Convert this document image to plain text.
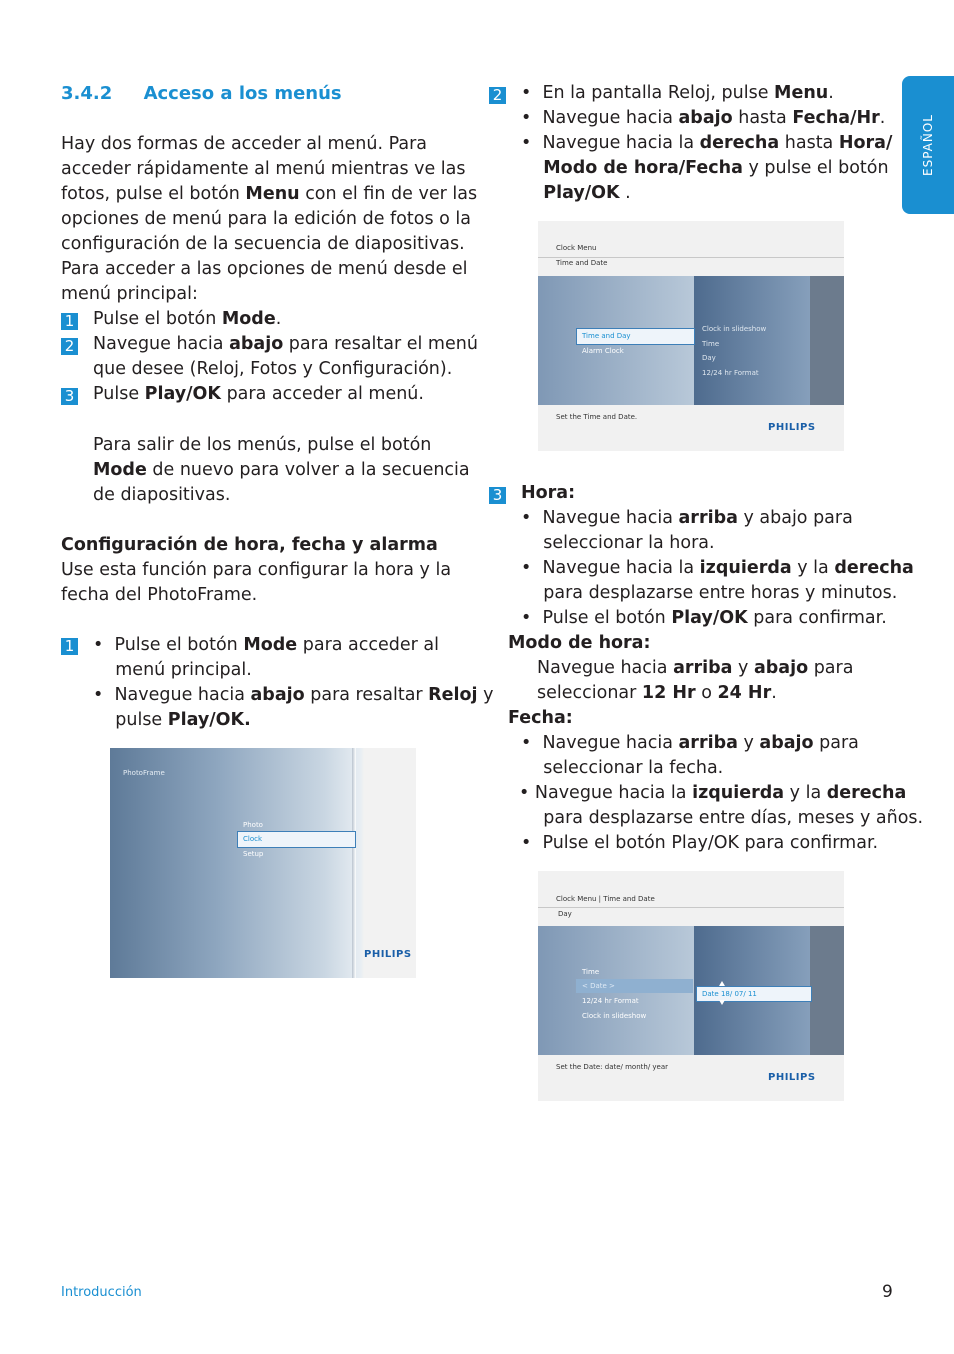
ESPAÑOL
3.4.2     Acceso a los menús
Hay dos formas de acceder al menú. Para
acceder rápidamente al menú mientras ve las
fotos, pulse el botón Menu con el fin de ver las
opciones de menú para la edición de fotos o la
configuración de la secuencia de diapositivas.
Para acceder a las opciones de menú desde el
menú principal:
1 Pulse el botón Mode.
2 Navegue hacia abajo para resaltar el menú
que desee (Reloj, Fotos y Configuración).
3 Pulse Play/OK para acceder al menú.
Para salir de los menús, pulse el botón
Mode de nuevo para volver a la secuencia
de diapositivas.
Configuración de hora, fecha y alarma
Use esta función para configurar la hora y la
fecha del PhotoFrame.
1 •  Pulse el botón Mode para acceder al
menú principal.
•  Navegue hacia abajo para resaltar Reloj y
pulse Play/OK.
PhotoFrame
Photo
Clock
Setup
PHILIPS
2 •  En la pantalla Reloj, pulse Menu.
•  Navegue hacia abajo hasta Fecha/Hr.
•  Navegue hacia la derecha hasta Hora/
Modo de hora/Fecha y pulse el botón
Play/OK .
Clock Menu
Time and Date
Time and Day
Alarm Clock
Clock in slideshow
Time
Day
12/24 hr Format
Set the Time and Date.
PHILIPS
3 Hora:
•  Navegue hacia arriba y abajo para
seleccionar la hora.
•  Navegue hacia la izquierda y la derecha
para desplazarse entre horas y minutos.
•  Pulse el botón Play/OK para confirmar.
Modo de hora:
Navegue hacia arriba y abajo para
seleccionar 12 Hr o 24 Hr.
Fecha:
•  Navegue hacia arriba y abajo para
seleccionar la fecha.
• Navegue hacia la izquierda y la derecha
para desplazarse entre días, meses y años.
•  Pulse el botón Play/OK para confirmar.
Clock Menu | Time and Date
Day
Time
< Date >
12/24 hr Format
Clock in slideshow
Date 18/ 07/ 11
Set the Date: date/ month/ year
PHILIPS
Introducción	9
